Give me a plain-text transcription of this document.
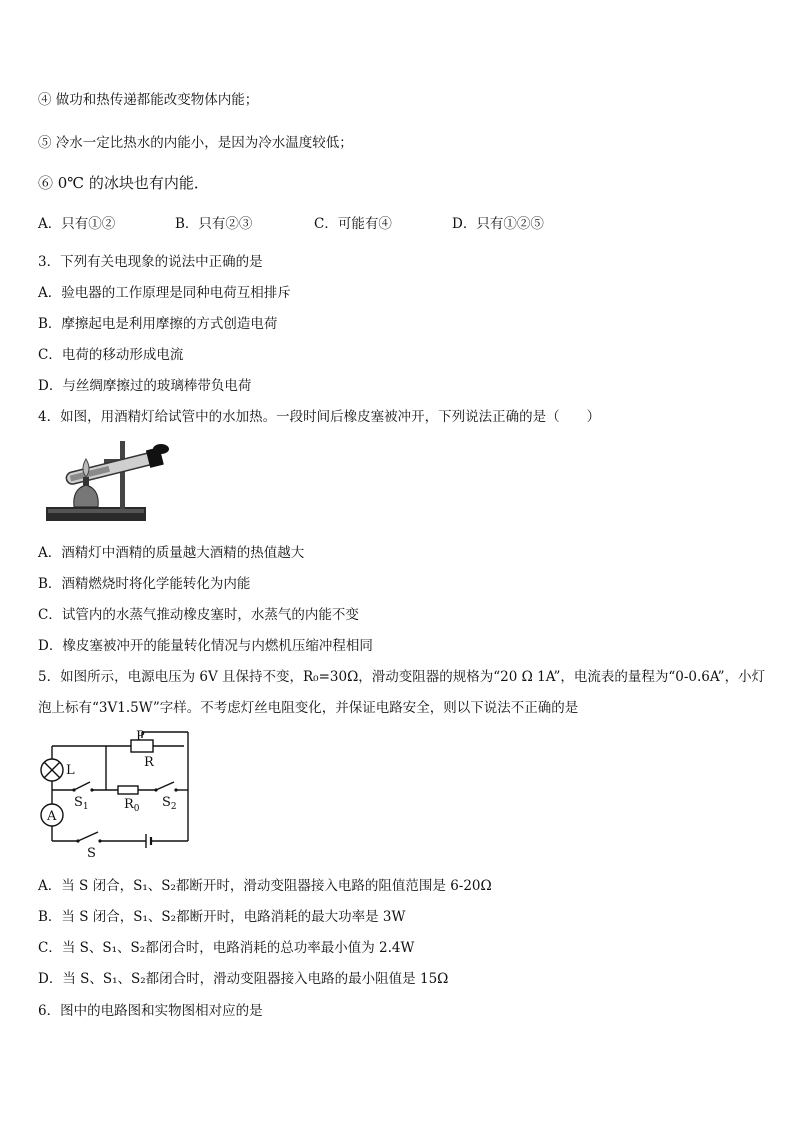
④ 做功和热传递都能改变物体内能；
⑤ 冷水一定比热水的内能小，是因为冷水温度较低；
⑥ 0℃ 的冰块也有内能．
A．只有①②	B．只有②③	C．可能有④	D．只有①②⑤
3．下列有关电现象的说法中正确的是
A．验电器的工作原理是同种电荷互相排斥
B．摩擦起电是利用摩擦的方式创造电荷
C．电荷的移动形成电流
D．与丝绸摩擦过的玻璃棒带负电荷
4．如图，用酒精灯给试管中的水加热。一段时间后橡皮塞被冲开，下列说法正确的是（　　）
A．酒精灯中酒精的质量越大酒精的热值越大
B．酒精燃烧时将化学能转化为内能
C．试管内的水蒸气推动橡皮塞时，水蒸气的内能不变
D．橡皮塞被冲开的能量转化情况与内燃机压缩冲程相同
5．如图所示，电源电压为 6V 且保持不变，R₀=30Ω，滑动变阻器的规格为“20 Ω 1A”，电流表的量程为“0-0.6A”，小灯
泡上标有“3V1.5W”字样。不考虑灯丝电阻变化，并保证电路安全，则以下说法不正确的是
P
R
L
$S_1$	$R_0$ $S_2$
A
S
A．当 S 闭合，S₁、S₂都断开时，滑动变阻器接入电路的阻值范围是 6-20Ω
B．当 S 闭合，S₁、S₂都断开时，电路消耗的最大功率是 3W
C．当 S、S₁、S₂都闭合时，电路消耗的总功率最小值为 2.4W
D．当 S、S₁、S₂都闭合时，滑动变阻器接入电路的最小阻值是 15Ω
6．图中的电路图和实物图相对应的是
